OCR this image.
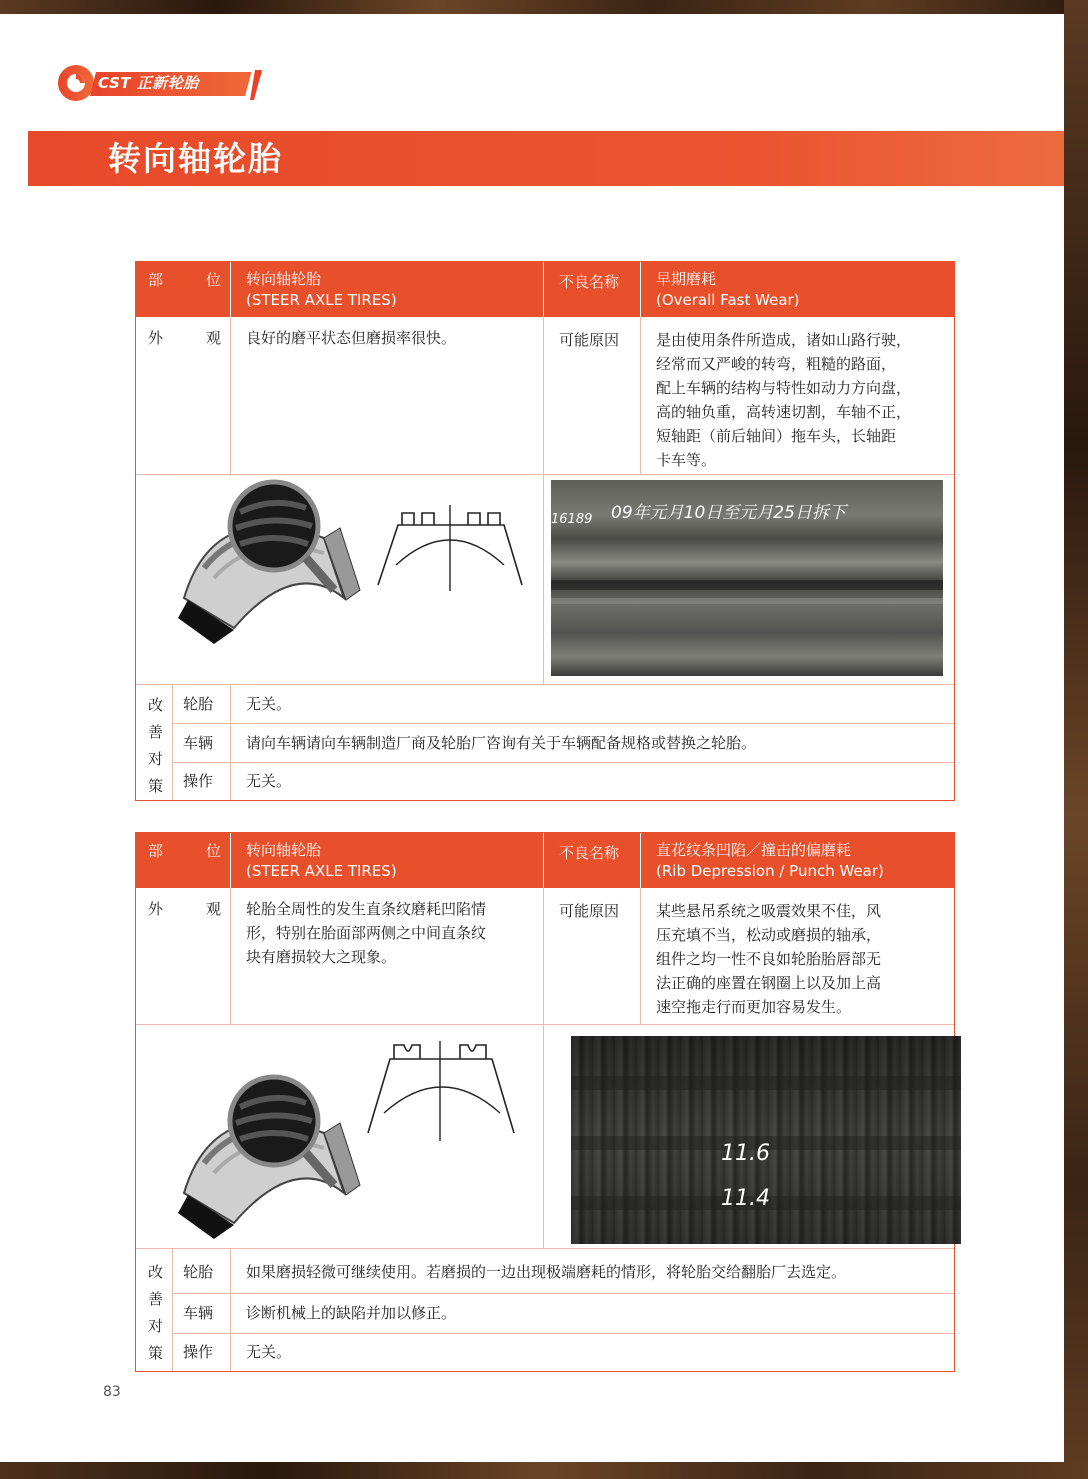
CST 正新轮胎
转向轴轮胎
部	位 转向轴轮胎
(STEER AXLE TIRES)
不良名称 早期磨耗
(Overall Fast Wear)
外	观 良好的磨平状态但磨损率很快。	可能原因 是由使用条件所造成，诸如山路行驶，
经常而又严峻的转弯，粗糙的路面，
配上车辆的结构与特性如动力方向盘，
高的轴负重，高转速切割，车轴不正，
短轴距（前后轴间）拖车头，长轴距
卡车等。
16189 09年元月10日至元月25日拆下
改
善
对
策
轮胎 无关。
车辆 请向车辆请向车辆制造厂商及轮胎厂咨询有关于车辆配备规格或替换之轮胎。
操作 无关。
部	位 转向轴轮胎
(STEER AXLE TIRES)
不良名称 直花纹条凹陷／撞击的偏磨耗
(Rib Depression / Punch Wear)
外	观 轮胎全周性的发生直条纹磨耗凹陷情
形，特别在胎面部两侧之中间直条纹
块有磨损较大之现象。
可能原因 某些悬吊系统之吸震效果不佳，风
压充填不当，松动或磨损的轴承，
组件之均一性不良如轮胎胎唇部无
法正确的座置在钢圈上以及加上高
速空拖走行而更加容易发生。
11.6
11.4
改
善
对
策
轮胎 如果磨损轻微可继续使用。若磨损的一边出现极端磨耗的情形，将轮胎交给翻胎厂去选定。
车辆 诊断机械上的缺陷并加以修正。
操作 无关。
83
